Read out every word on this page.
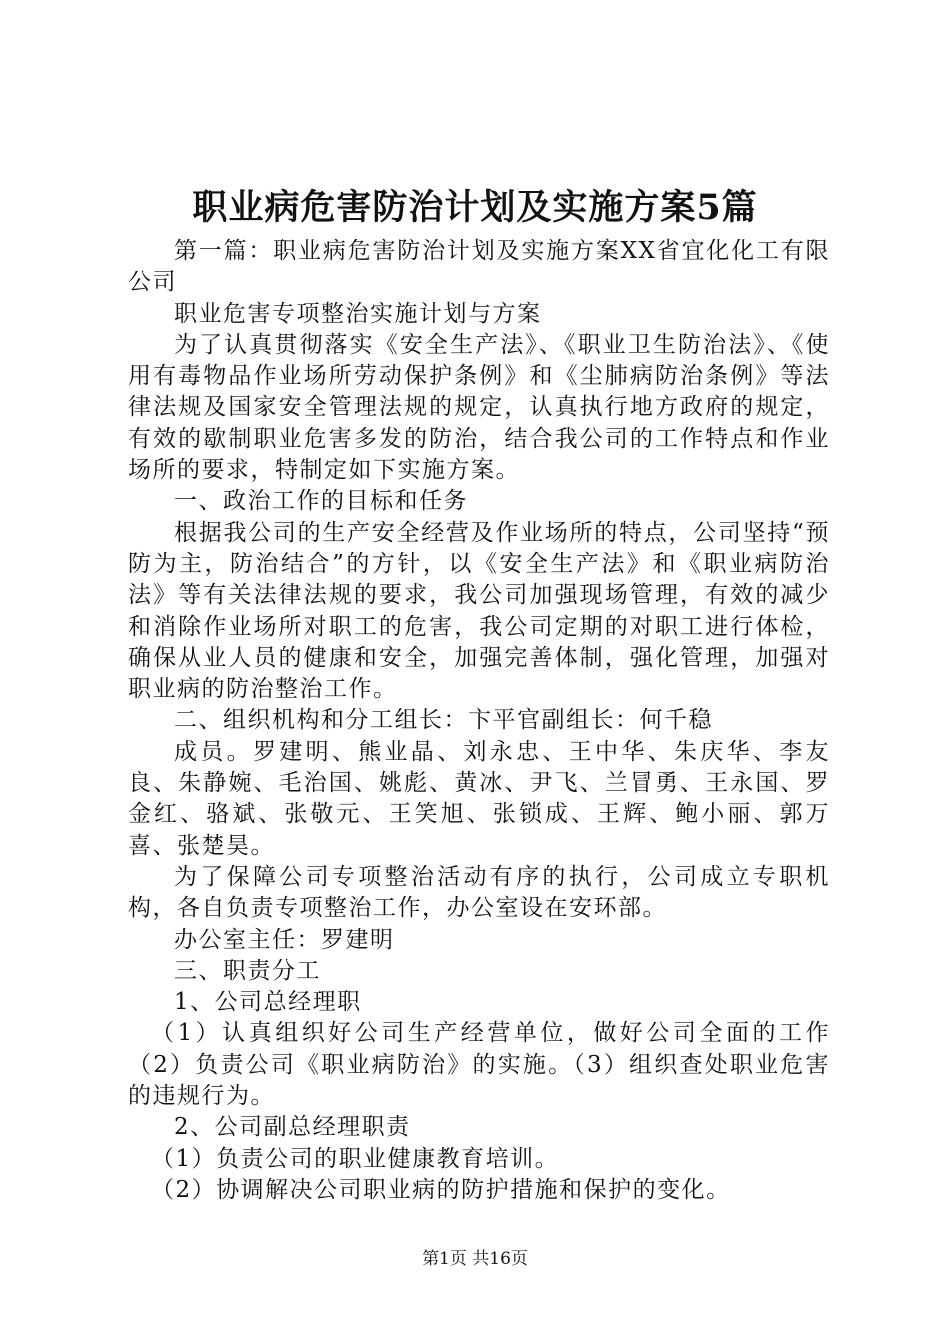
职业病危害防治计划及实施方案5篇

第一篇：职业病危害防治计划及实施方案XX省宜化化工有限公司

职业危害专项整治实施计划与方案

为了认真贯彻落实《安全生产法》、《职业卫生防治法》、《使用有毒物品作业场所劳动保护条例》和《尘肺病防治条例》等法律法规及国家安全管理法规的规定，认真执行地方政府的规定，有效的歇制职业危害多发的防治，结合我公司的工作特点和作业场所的要求，特制定如下实施方案。

一、政治工作的目标和任务

根据我公司的生产安全经营及作业场所的特点，公司坚持“预防为主，防治结合”的方针，以《安全生产法》和《职业病防治法》等有关法律法规的要求，我公司加强现场管理，有效的减少和消除作业场所对职工的危害，我公司定期的对职工进行体检，确保从业人员的健康和安全，加强完善体制，强化管理，加强对职业病的防治整治工作。

二、组织机构和分工组长：卞平官副组长：何千稳

成员。罗建明、熊业晶、刘永忠、王中华、朱庆华、李友良、朱静婉、毛治国、姚彪、黄冰、尹飞、兰冒勇、王永国、罗金红、骆斌、张敬元、王笑旭、张锁成、王辉、鲍小丽、郭万喜、张楚昊。

为了保障公司专项整治活动有序的执行，公司成立专职机构，各自负责专项整治工作，办公室设在安环部。

办公室主任：罗建明

三、职责分工

1、公司总经理职

（1）认真组织好公司生产经营单位，做好公司全面的工作（2）负责公司《职业病防治》的实施。（3）组织查处职业危害的违规行为。

2、公司副总经理职责

（1）负责公司的职业健康教育培训。

（2）协调解决公司职业病的防护措施和保护的变化。

第1页 共16页
